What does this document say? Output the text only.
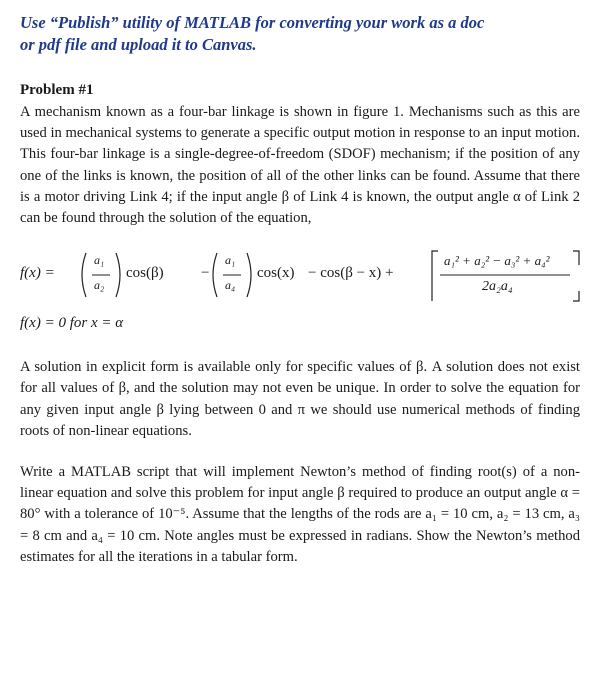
Use “Publish” utility of MATLAB for converting your work as a doc
or pdf file and upload it to Canvas.
Problem #1

A mechanism known as a four-bar linkage is shown in figure 1. Mechanisms such as this are used in mechanical systems to generate a specific output motion in response to an input motion. This four-bar linkage is a single-degree-of-freedom (SDOF) mechanism; if the position of any one of the links is known, the position of all of the other links can be found. Assume that there is a motor driving Link 4; if the input angle β of Link 4 is known, the output angle α of Link 2 can be found through the solution of the equation,

f(x) =
a₁
a₂
cos(β) −
a₁
a₄
cos(x) − cos(β − x) +
a₁² + a₂² − a₃² + a₄²
2a₂a₄
f(x) = 0 for x = α

A solution in explicit form is available only for specific values of β. A solution does not exist for all values of β, and the solution may not even be unique. In order to solve the equation for any given input angle β lying between 0 and π we should use numerical methods of finding roots of non-linear equations.

Write a MATLAB script that will implement Newton’s method of finding root(s) of a non-linear equation and solve this problem for input angle β required to produce an output angle α = 80° with a tolerance of 10⁻⁵. Assume that the lengths of the rods are a₁ = 10 cm, a₂ = 13 cm, a₃ = 8 cm and a₄ = 10 cm. Note angles must be expressed in radians. Show the Newton’s method estimates for all the iterations in a tabular form.
